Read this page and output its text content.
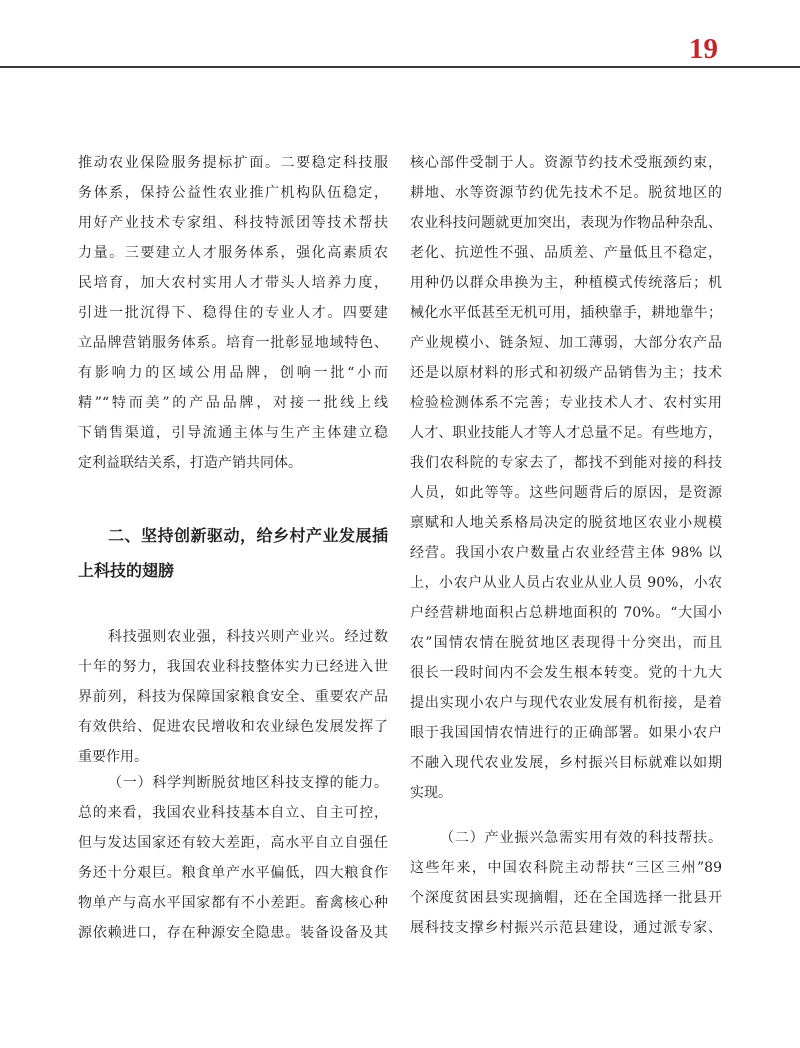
19
推动农业保险服务提标扩面。二要稳定科技服
务体系，保持公益性农业推广机构队伍稳定，
用好产业技术专家组、科技特派团等技术帮扶
力量。三要建立人才服务体系，强化高素质农
民培育，加大农村实用人才带头人培养力度，
引进一批沉得下、稳得住的专业人才。四要建
立品牌营销服务体系。培育一批彰显地域特色、
有影响力的区域公用品牌，创响一批“小而
精”“特而美”的产品品牌，对接一批线上线
下销售渠道，引导流通主体与生产主体建立稳
定利益联结关系，打造产销共同体。
二、坚持创新驱动，给乡村产业发展插
上科技的翅膀
科技强则农业强，科技兴则产业兴。经过数
十年的努力，我国农业科技整体实力已经进入世
界前列，科技为保障国家粮食安全、重要农产品
有效供给、促进农民增收和农业绿色发展发挥了
重要作用。
（一）科学判断脱贫地区科技支撑的能力。
总的来看，我国农业科技基本自立、自主可控，
但与发达国家还有较大差距，高水平自立自强任
务还十分艰巨。粮食单产水平偏低，四大粮食作
物单产与高水平国家都有不小差距。畜禽核心种
源依赖进口，存在种源安全隐患。装备设备及其
核心部件受制于人。资源节约技术受瓶颈约束，
耕地、水等资源节约优先技术不足。脱贫地区的
农业科技问题就更加突出，表现为作物品种杂乱、
老化、抗逆性不强、品质差、产量低且不稳定，
用种仍以群众串换为主，种植模式传统落后；机
械化水平低甚至无机可用，插秧靠手，耕地靠牛；
产业规模小、链条短、加工薄弱，大部分农产品
还是以原材料的形式和初级产品销售为主；技术
检验检测体系不完善；专业技术人才、农村实用
人才、职业技能人才等人才总量不足。有些地方，
我们农科院的专家去了，都找不到能对接的科技
人员，如此等等。这些问题背后的原因，是资源
禀赋和人地关系格局决定的脱贫地区农业小规模
经营。我国小农户数量占农业经营主体 98% 以
上，小农户从业人员占农业从业人员 90%，小农
户经营耕地面积占总耕地面积的 70%。“大国小
农”国情农情在脱贫地区表现得十分突出，而且
很长一段时间内不会发生根本转变。党的十九大
提出实现小农户与现代农业发展有机衔接，是着
眼于我国国情农情进行的正确部署。如果小农户
不融入现代农业发展，乡村振兴目标就难以如期
实现。
（二）产业振兴急需实用有效的科技帮扶。
这些年来，中国农科院主动帮扶“三区三州”89
个深度贫困县实现摘帽，还在全国选择一批县开
展科技支撑乡村振兴示范县建设，通过派专家、
